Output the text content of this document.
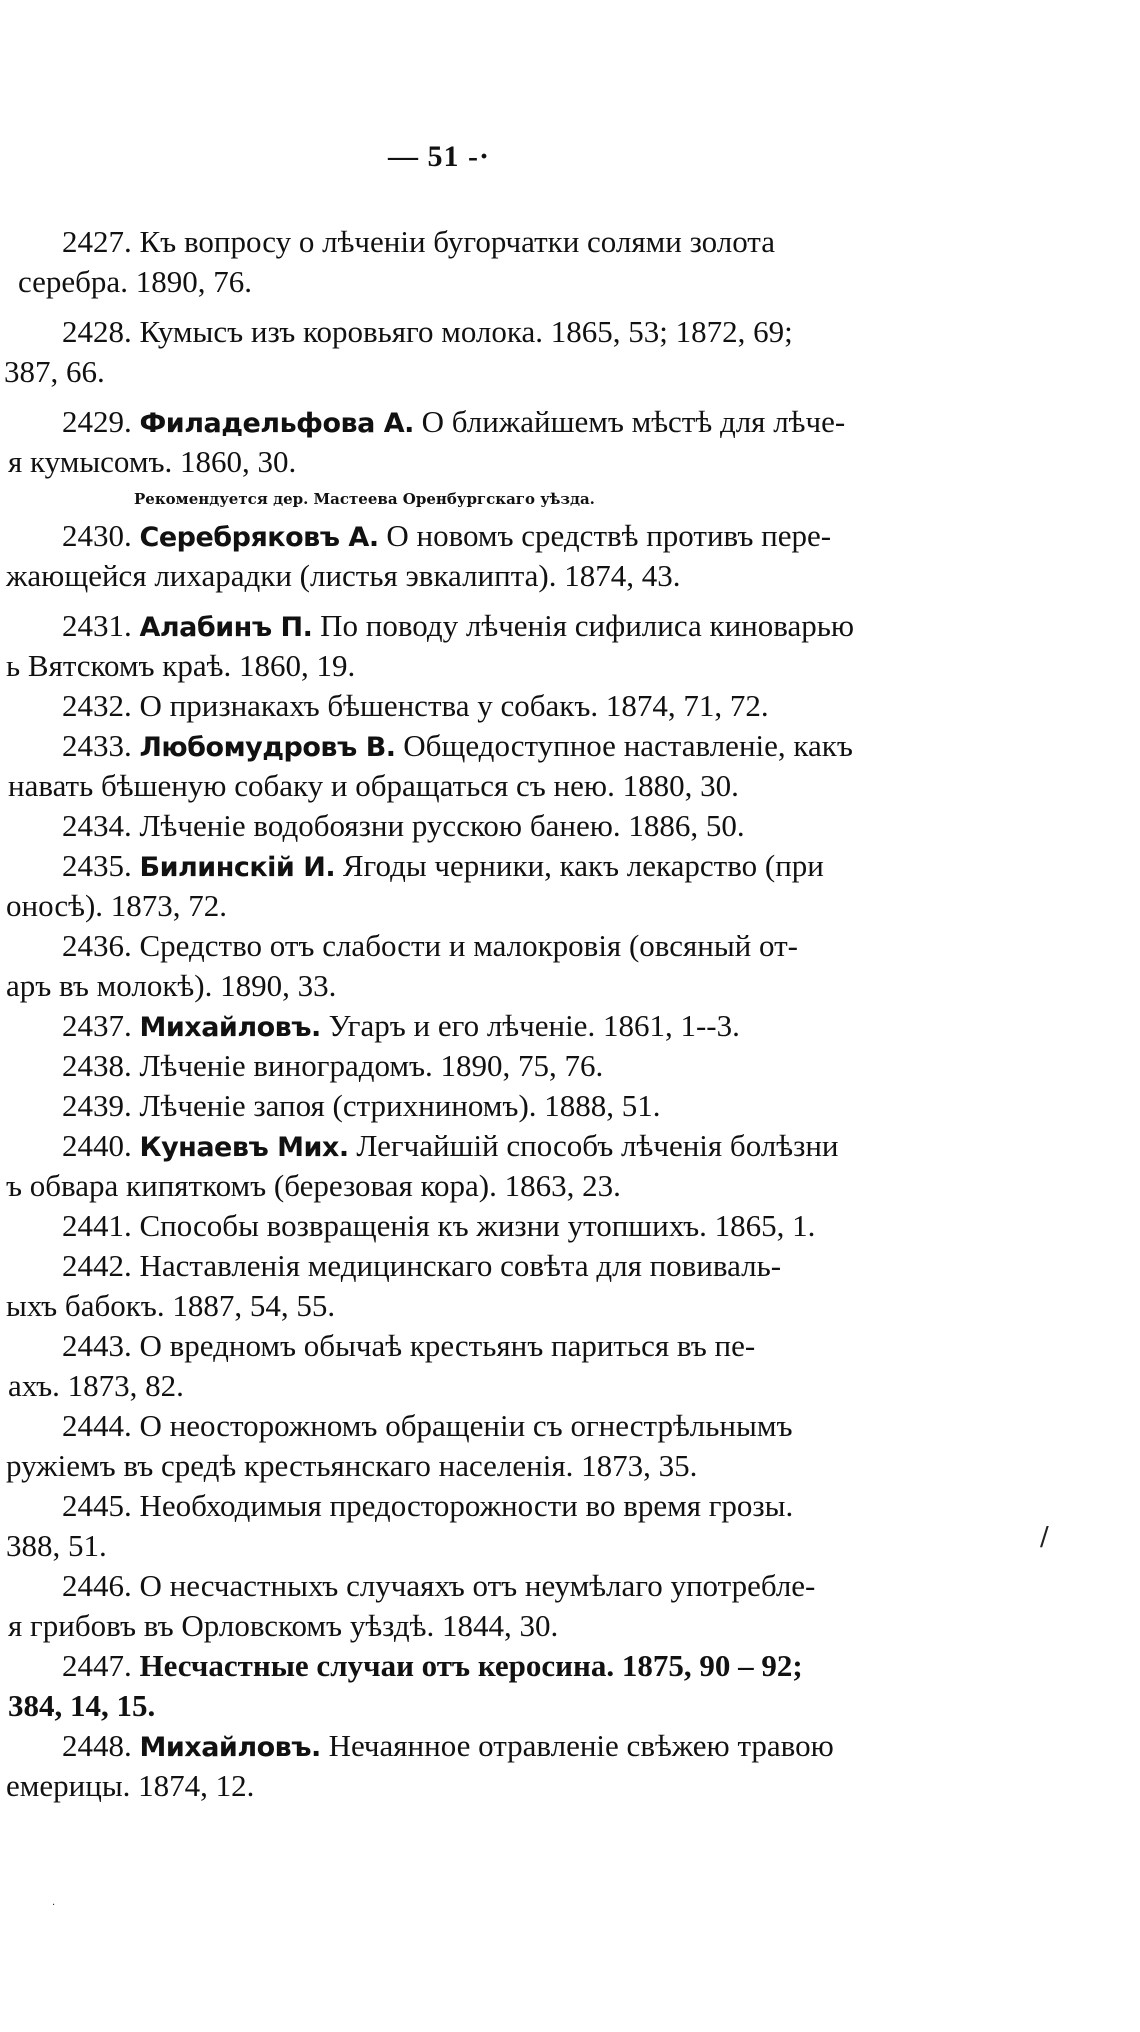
— 51 -·
2427. Къ вопросу о лѣченіи бугорчатки солями золота
серебра. 1890, 76.
2428. Кумысъ изъ коровьяго молока. 1865, 53; 1872, 69;
387, 66.
2429. Филадельфова А. О ближайшемъ мѣстѣ для лѣче-
я кумысомъ. 1860, 30.
Рекомендуется дер. Мастеева Оренбургскаго уѣзда.
2430. Серебряковъ А. О новомъ средствѣ противъ пере-
жающейся лихарадки (листья эвкалипта). 1874, 43.
2431. Алабинъ П. По поводу лѣченія сифилиса киноварью
ь Вятскомъ краѣ. 1860, 19.
2432. О признакахъ бѣшенства у собакъ. 1874, 71, 72.
2433. Любомудровъ В. Общедоступное наставленіе, какъ
навать бѣшеную собаку и обращаться съ нею. 1880, 30.
2434. Лѣченіе водобоязни русскою банею. 1886, 50.
2435. Билинскій И. Ягоды черники, какъ лекарство (при
оносѣ). 1873, 72.
2436. Средство отъ слабости и малокровія (овсяный от-
аръ въ молокѣ). 1890, 33.
2437. Михайловъ. Угаръ и его лѣченіе. 1861, 1--3.
2438. Лѣченіе виноградомъ. 1890, 75, 76.
2439. Лѣченіе запоя (стрихниномъ). 1888, 51.
2440. Кунаевъ Мих. Легчайшій способъ лѣченія болѣзни
ъ обвара кипяткомъ (березовая кора). 1863, 23.
2441. Способы возвращенія къ жизни утопшихъ. 1865, 1.
2442. Наставленія медицинскаго совѣта для повиваль-
ыхъ бабокъ. 1887, 54, 55.
2443. О вредномъ обычаѣ крестьянъ париться въ пе-
ахъ. 1873, 82.
2444. О неосторожномъ обращеніи съ огнестрѣльнымъ
ружіемъ въ средѣ крестьянскаго населенія. 1873, 35.
2445. Необходимыя предосторожности во время грозы.
388, 51.
2446. О несчастныхъ случаяхъ отъ неумѣлаго употребле-
я грибовъ въ Орловскомъ уѣздѣ. 1844, 30.
2447. Несчастные случаи отъ керосина. 1875, 90 – 92;
384, 14, 15.
2448. Михайловъ. Нечаянное отравленіе свѣжею травою
емерицы. 1874, 12.
/
·
